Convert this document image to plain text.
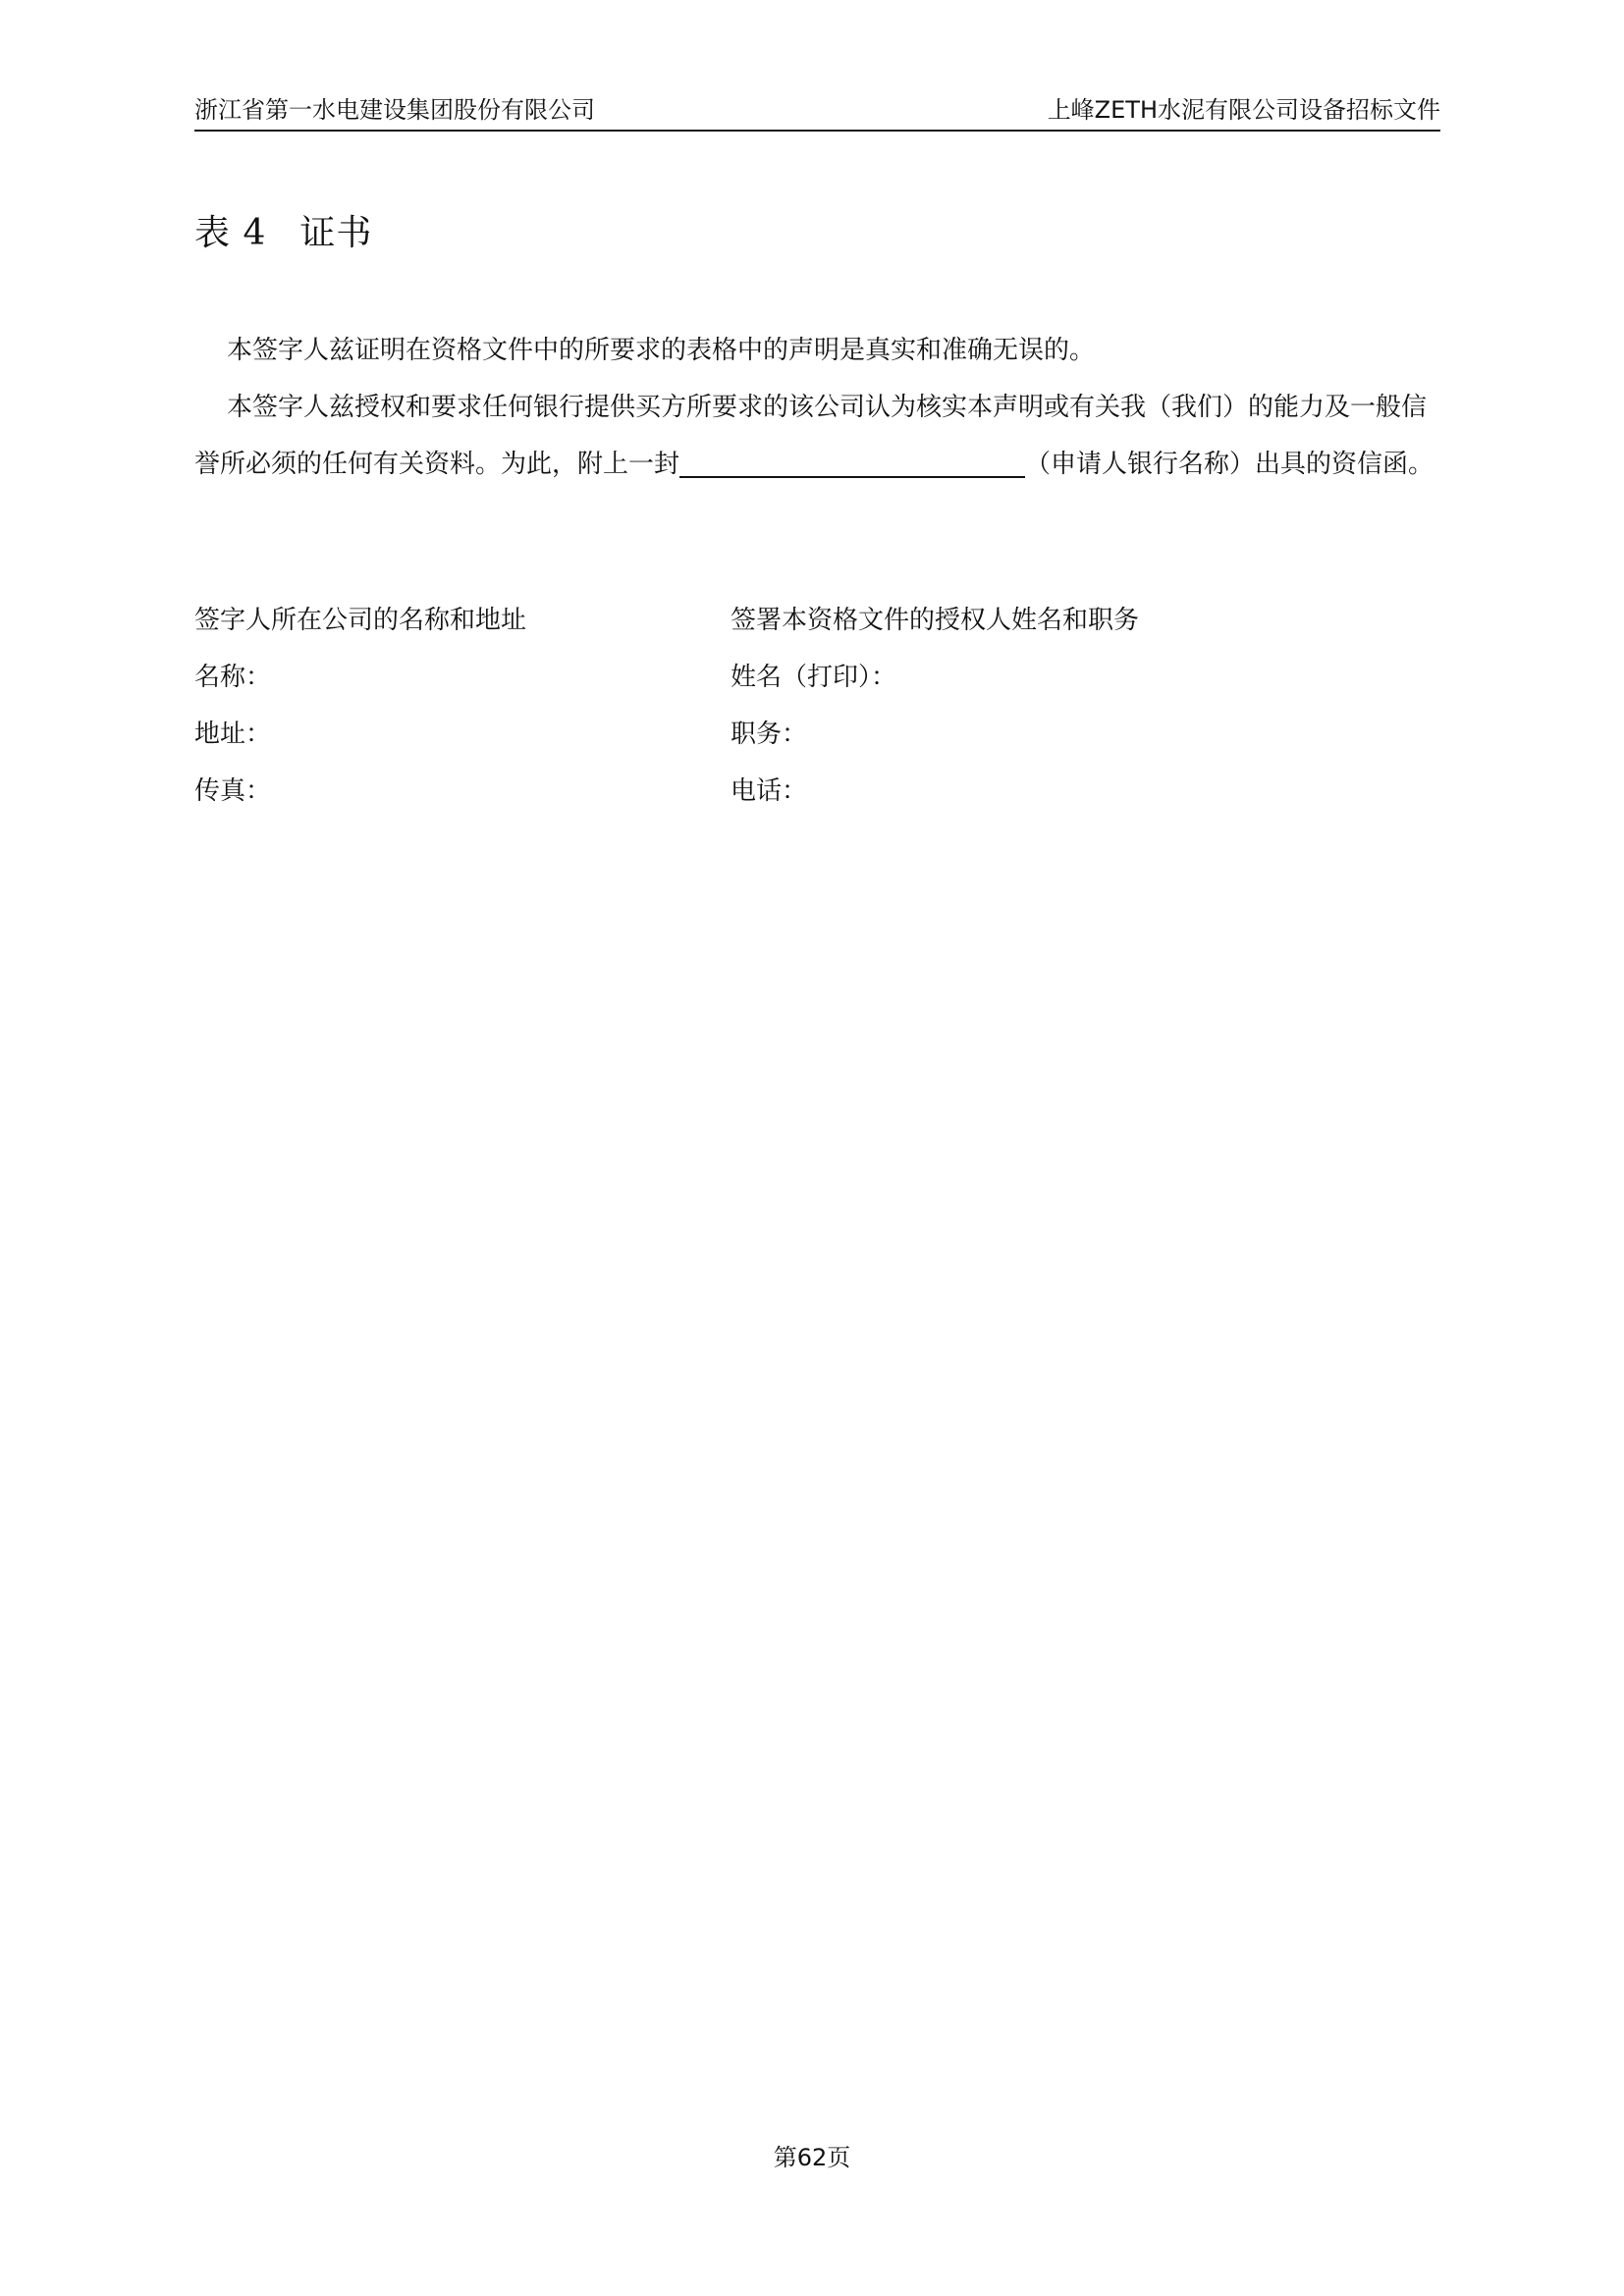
浙江省第一水电建设集团股份有限公司	上峰ZETH水泥有限公司设备招标文件
表 4 证书

本签字人兹证明在资格文件中的所要求的表格中的声明是真实和准确无误的。

本签字人兹授权和要求任何银行提供买方所要求的该公司认为核实本声明或有关我（我们）的能力及一般信誉所必须的任何有关资料。为此，附上一封	（申请人银行名称）出具的资信函。

签字人所在公司的名称和地址	签署本资格文件的授权人姓名和职务
名称：	姓名（打印）：
地址：	职务：
传真：	电话：
第62页
